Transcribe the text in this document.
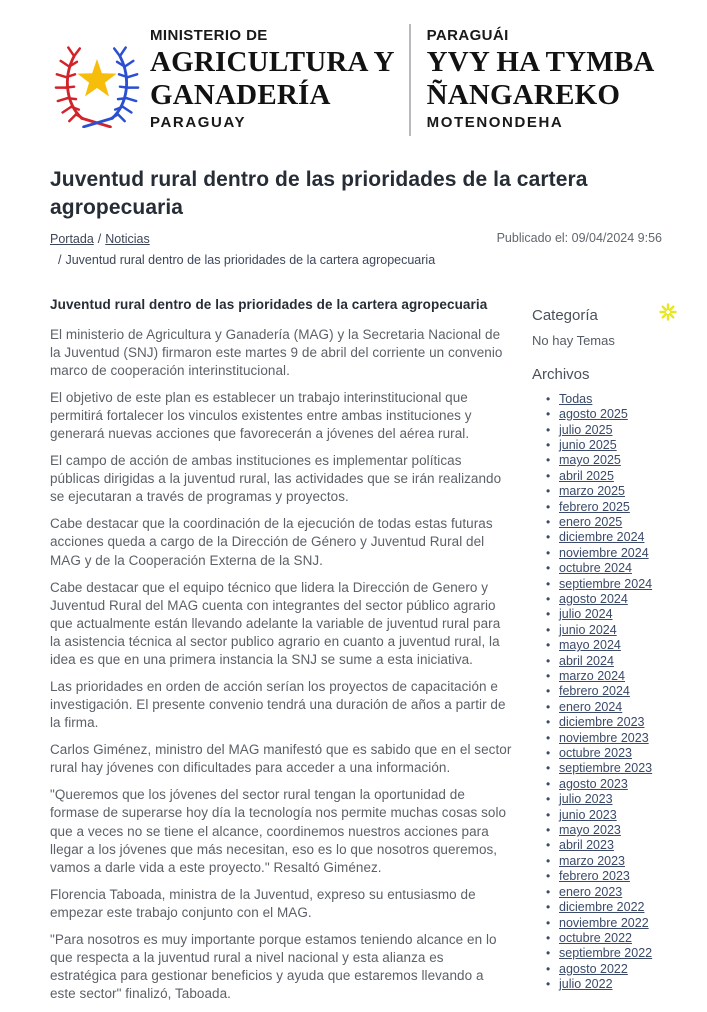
MINISTERIO DE
AGRICULTURA Y
GANADERÍA
PARAGUAY
PARAGUÁI
YVY HA TYMBA
ÑANGAREKO
MOTENONDEHA
Juventud rural dentro de las prioridades de la cartera agropecuaria
Portada / Noticias
/ Juventud rural dentro de las prioridades de la cartera agropecuaria
Publicado el: 09/04/2024 9:56
Juventud rural dentro de las prioridades de la cartera agropecuaria

El ministerio de Agricultura y Ganadería (MAG) y la Secretaria Nacional de la Juventud (SNJ) firmaron este martes 9 de abril del corriente un convenio marco de cooperación interinstitucional.

El objetivo de este plan es establecer un trabajo interinstitucional que permitirá fortalecer los vinculos existentes entre ambas instituciones y generará nuevas acciones que favorecerán a jóvenes del aérea rural.

El campo de acción de ambas instituciones es implementar políticas públicas dirigidas a la juventud rural, las actividades que se irán realizando se ejecutaran a través de programas y proyectos.

Cabe destacar que la coordinación de la ejecución de todas estas futuras acciones queda a cargo de la Dirección de Género y Juventud Rural del MAG y de la Cooperación Externa de la SNJ.

Cabe destacar que el equipo técnico que lidera la Dirección de Genero y Juventud Rural del MAG cuenta con integrantes del sector público agrario que actualmente están llevando adelante la variable de juventud rural para la asistencia técnica al sector publico agrario en cuanto a juventud rural, la idea es que en una primera instancia la SNJ se sume a esta iniciativa.

Las prioridades en orden de acción serían los proyectos de capacitación e investigación. El presente convenio tendrá una duración de años a partir de la firma.

Carlos Giménez, ministro del MAG manifestó que es sabido que en el sector rural hay jóvenes con dificultades para acceder a una información.

"Queremos que los jóvenes del sector rural tengan la oportunidad de formase de superarse hoy día la tecnología nos permite muchas cosas solo que a veces no se tiene el alcance, coordinemos nuestros acciones para llegar a los jóvenes que más necesitan, eso es lo que nosotros queremos, vamos a darle vida a este proyecto." Resaltó Giménez.

Florencia Taboada, ministra de la Juventud, expreso su entusiasmo de empezar este trabajo conjunto con el MAG.

"Para nosotros es muy importante porque estamos teniendo alcance en lo que respecta a la juventud rural a nivel nacional y esta alianza es estratégica para gestionar beneficios y ayuda que estaremos llevando a este sector" finalizó, Taboada.

Categoría
No hay Temas
Archivos
• Todas
• agosto 2025
• julio 2025
• junio 2025
• mayo 2025
• abril 2025
• marzo 2025
• febrero 2025
• enero 2025
• diciembre 2024
• noviembre 2024
• octubre 2024
• septiembre 2024
• agosto 2024
• julio 2024
• junio 2024
• mayo 2024
• abril 2024
• marzo 2024
• febrero 2024
• enero 2024
• diciembre 2023
• noviembre 2023
• octubre 2023
• septiembre 2023
• agosto 2023
• julio 2023
• junio 2023
• mayo 2023
• abril 2023
• marzo 2023
• febrero 2023
• enero 2023
• diciembre 2022
• noviembre 2022
• octubre 2022
• septiembre 2022
• agosto 2022
• julio 2022
